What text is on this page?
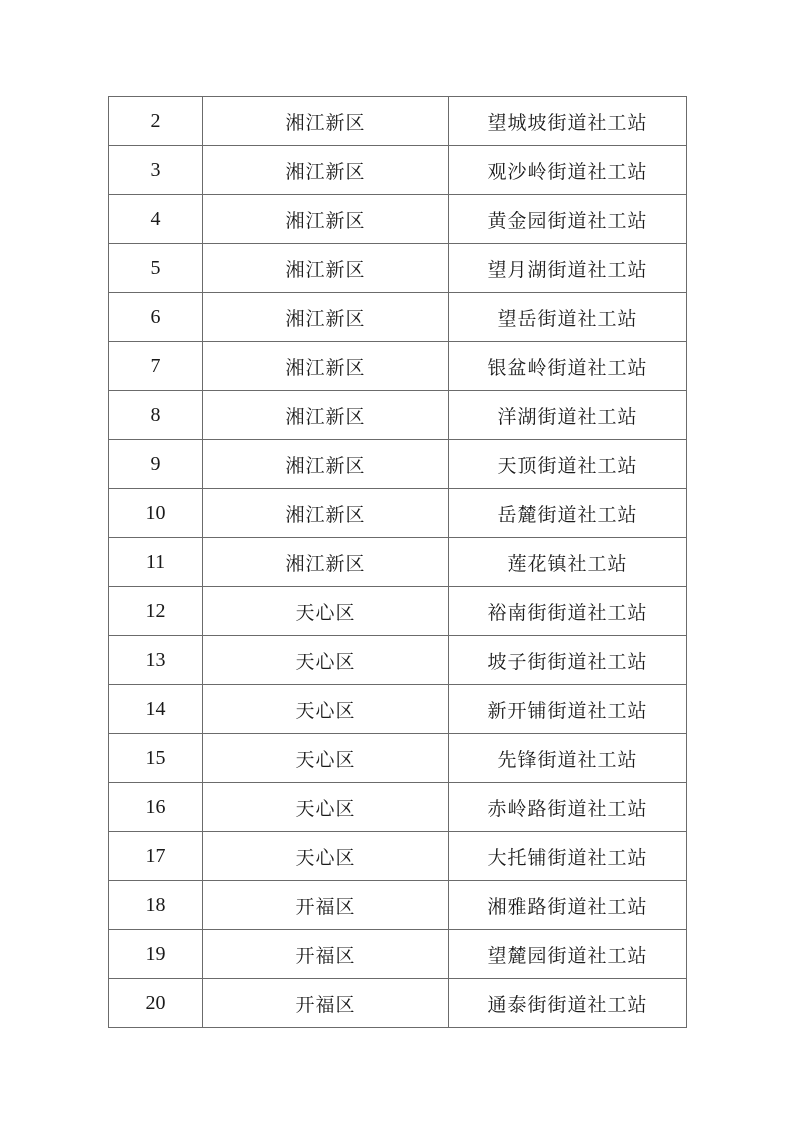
2	湘江新区	望城坡街道社工站
3	湘江新区	观沙岭街道社工站
4	湘江新区	黄金园街道社工站
5	湘江新区	望月湖街道社工站
6	湘江新区	望岳街道社工站
7	湘江新区	银盆岭街道社工站
8	湘江新区	洋湖街道社工站
9	湘江新区	天顶街道社工站
10	湘江新区	岳麓街道社工站
11	湘江新区	莲花镇社工站
12	天心区	裕南街街道社工站
13	天心区	坡子街街道社工站
14	天心区	新开铺街道社工站
15	天心区	先锋街道社工站
16	天心区	赤岭路街道社工站
17	天心区	大托铺街道社工站
18	开福区	湘雅路街道社工站
19	开福区	望麓园街道社工站
20	开福区	通泰街街道社工站
